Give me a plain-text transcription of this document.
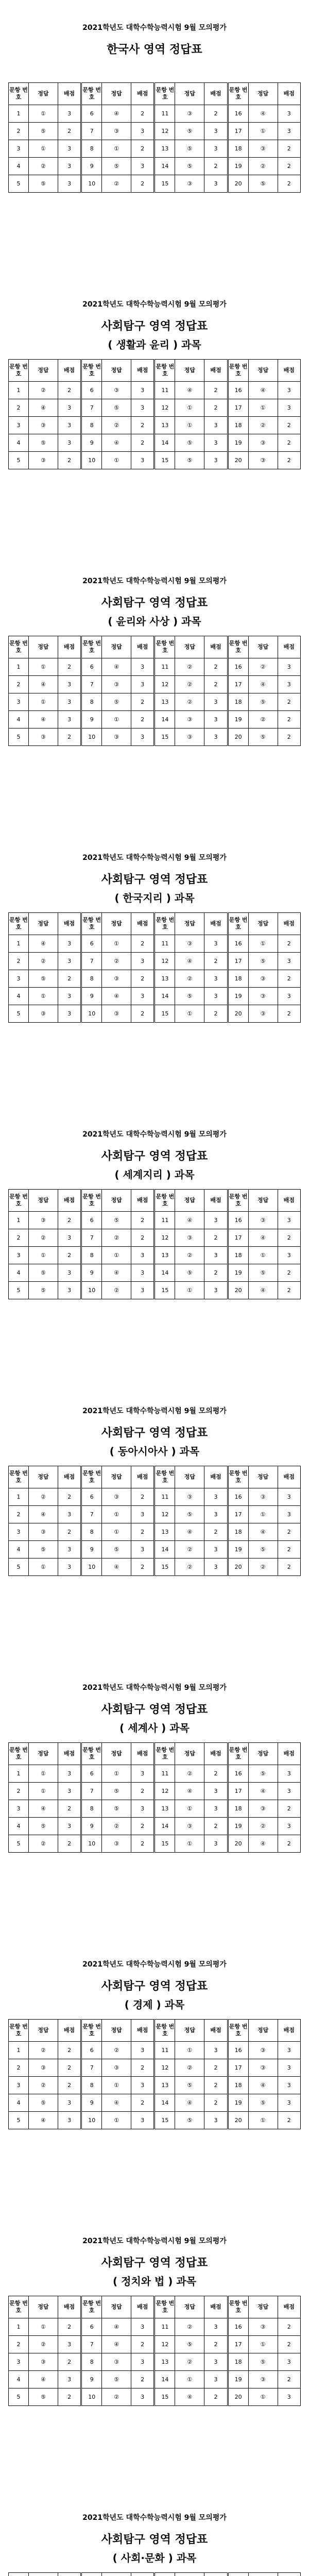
2021학년도 대학수학능력시험 9월 모의평가
한국사 영역 정답표
문항 번호	정답	배점	문항 번호	정답	배점	문항 번호	정답	배점	문항 번호	정답	배점
1	①	3	6	④	2	11	③	2	16	④	3
2	⑤	2	7	③	3	12	⑤	3	17	①	3
3	①	3	8	①	2	13	⑤	3	18	③	2
4	②	3	9	⑤	3	14	⑤	2	19	②	2
5	⑤	3	10	②	2	15	③	3	20	⑤	2
2021학년도 대학수학능력시험 9월 모의평가
사회탐구 영역 정답표
( 생활과 윤리 ) 과목
문항 번호	정답	배점	문항 번호	정답	배점	문항 번호	정답	배점	문항 번호	정답	배점
1	②	2	6	③	3	11	④	2	16	④	3
2	④	3	7	⑤	3	12	①	2	17	①	3
3	③	3	8	②	2	13	①	3	18	②	2
4	⑤	3	9	④	2	14	⑤	3	19	③	2
5	③	2	10	①	3	15	⑤	3	20	③	2
2021학년도 대학수학능력시험 9월 모의평가
사회탐구 영역 정답표
( 윤리와 사상 ) 과목
문항 번호	정답	배점	문항 번호	정답	배점	문항 번호	정답	배점	문항 번호	정답	배점
1	①	2	6	④	3	11	②	2	16	②	3
2	④	3	7	③	3	12	②	2	17	④	3
3	①	3	8	⑤	2	13	②	3	18	⑤	2
4	④	3	9	①	2	14	③	3	19	②	2
5	③	2	10	③	3	15	③	3	20	⑤	2
2021학년도 대학수학능력시험 9월 모의평가
사회탐구 영역 정답표
( 한국지리 ) 과목
문항 번호	정답	배점	문항 번호	정답	배점	문항 번호	정답	배점	문항 번호	정답	배점
1	④	3	6	①	2	11	③	3	16	①	2
2	②	3	7	②	3	12	④	2	17	⑤	3
3	⑤	2	8	③	2	13	②	3	18	③	2
4	①	3	9	④	3	14	⑤	3	19	③	3
5	③	3	10	③	2	15	①	2	20	③	2
2021학년도 대학수학능력시험 9월 모의평가
사회탐구 영역 정답표
( 세계지리 ) 과목
문항 번호	정답	배점	문항 번호	정답	배점	문항 번호	정답	배점	문항 번호	정답	배점
1	③	2	6	⑤	2	11	④	3	16	③	3
2	②	3	7	②	2	12	③	2	17	④	2
3	①	2	8	①	3	13	②	3	18	①	3
4	⑤	3	9	④	3	14	⑤	2	19	⑤	2
5	⑤	3	10	②	3	15	①	3	20	④	2
2021학년도 대학수학능력시험 9월 모의평가
사회탐구 영역 정답표
( 동아시아사 ) 과목
문항 번호	정답	배점	문항 번호	정답	배점	문항 번호	정답	배점	문항 번호	정답	배점
1	②	2	6	③	2	11	③	3	16	③	3
2	④	3	7	①	3	12	⑤	3	17	①	3
3	③	2	8	①	2	13	④	2	18	④	2
4	⑤	3	9	⑤	3	14	②	3	19	⑤	2
5	①	3	10	④	2	15	②	3	20	②	2
2021학년도 대학수학능력시험 9월 모의평가
사회탐구 영역 정답표
( 세계사 ) 과목
문항 번호	정답	배점	문항 번호	정답	배점	문항 번호	정답	배점	문항 번호	정답	배점
1	①	3	6	①	3	11	②	2	16	⑤	3
2	①	3	7	⑤	2	12	④	3	17	④	3
3	④	2	8	⑤	3	13	①	3	18	③	2
4	⑤	3	9	②	2	14	③	2	19	②	3
5	②	2	10	③	2	15	①	3	20	④	2
2021학년도 대학수학능력시험 9월 모의평가
사회탐구 영역 정답표
( 경제 ) 과목
문항 번호	정답	배점	문항 번호	정답	배점	문항 번호	정답	배점	문항 번호	정답	배점
1	②	2	6	②	3	11	①	3	16	③	3
2	③	2	7	③	2	12	②	2	17	③	3
3	②	2	8	①	3	13	⑤	2	18	④	3
4	⑤	3	9	④	2	14	④	2	19	⑤	3
5	④	3	10	①	3	15	⑤	3	20	①	2
2021학년도 대학수학능력시험 9월 모의평가
사회탐구 영역 정답표
( 정치와 법 ) 과목
문항 번호	정답	배점	문항 번호	정답	배점	문항 번호	정답	배점	문항 번호	정답	배점
1	①	2	6	④	3	11	②	3	16	③	2
2	②	3	7	④	2	12	⑤	2	17	①	2
3	③	2	8	③	3	13	②	3	18	⑤	3
4	④	3	9	⑤	2	14	①	3	19	③	2
5	⑤	2	10	②	3	15	④	2	20	①	3
2021학년도 대학수학능력시험 9월 모의평가
사회탐구 영역 정답표
( 사회·문화 ) 과목
